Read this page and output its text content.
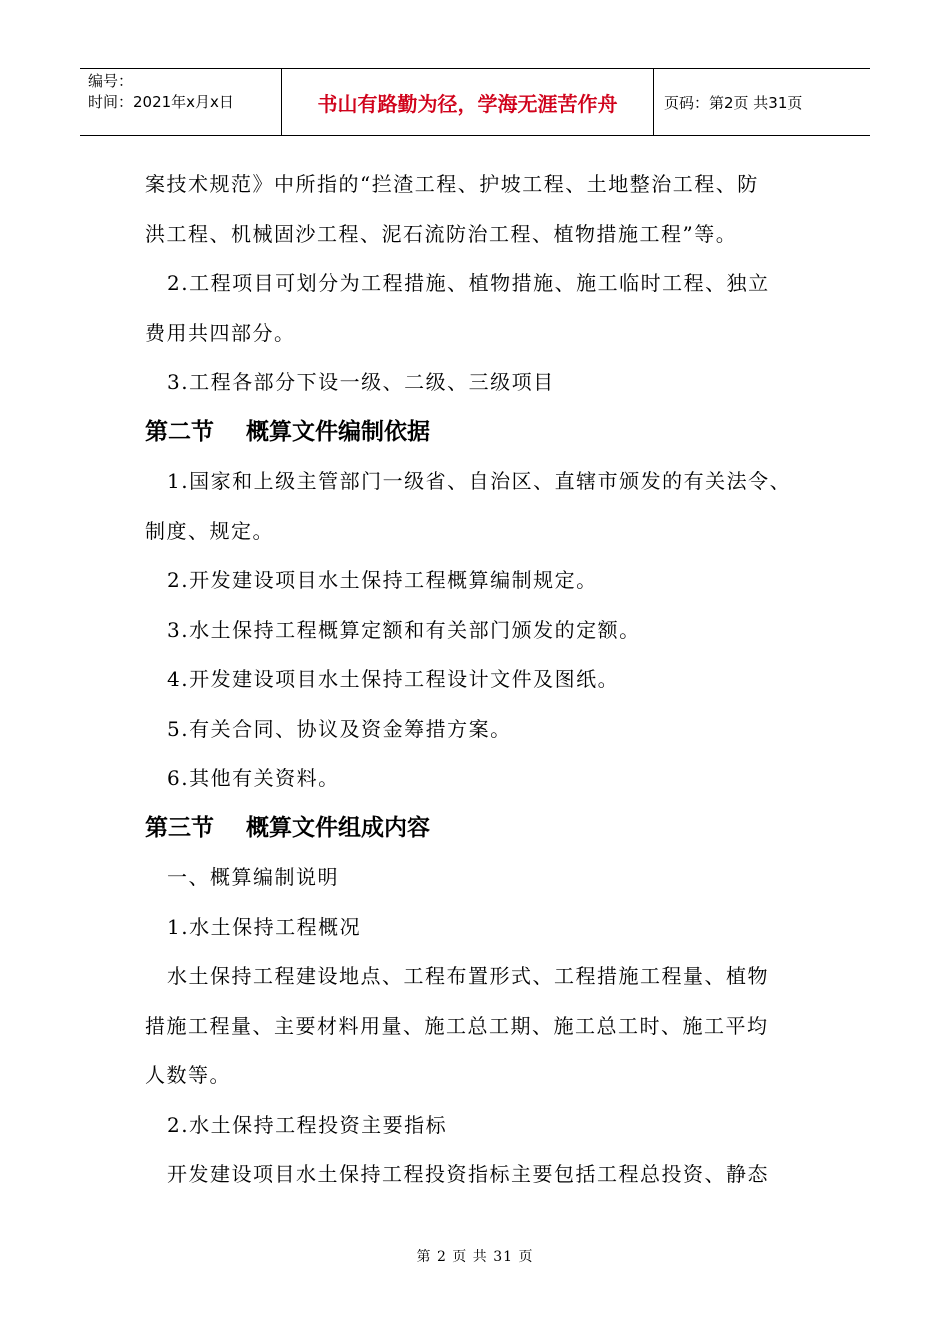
编号：
时间：2021年x月x日	书山有路勤为径，学海无涯苦作舟	页码：第2页 共31页

案技术规范》中所指的“拦渣工程、护坡工程、土地整治工程、防

洪工程、机械固沙工程、泥石流防治工程、植物措施工程”等。

2.工程项目可划分为工程措施、植物措施、施工临时工程、独立

费用共四部分。

3.工程各部分下设一级、二级、三级项目

第二节    概算文件编制依据

1.国家和上级主管部门一级省、自治区、直辖市颁发的有关法令、

制度、规定。

2.开发建设项目水土保持工程概算编制规定。

3.水土保持工程概算定额和有关部门颁发的定额。

4.开发建设项目水土保持工程设计文件及图纸。

5.有关合同、协议及资金筹措方案。

6.其他有关资料。

第三节    概算文件组成内容

一、概算编制说明

1.水土保持工程概况

水土保持工程建设地点、工程布置形式、工程措施工程量、植物

措施工程量、主要材料用量、施工总工期、施工总工时、施工平均

人数等。

2.水土保持工程投资主要指标

开发建设项目水土保持工程投资指标主要包括工程总投资、静态

第 2 页 共 31 页
